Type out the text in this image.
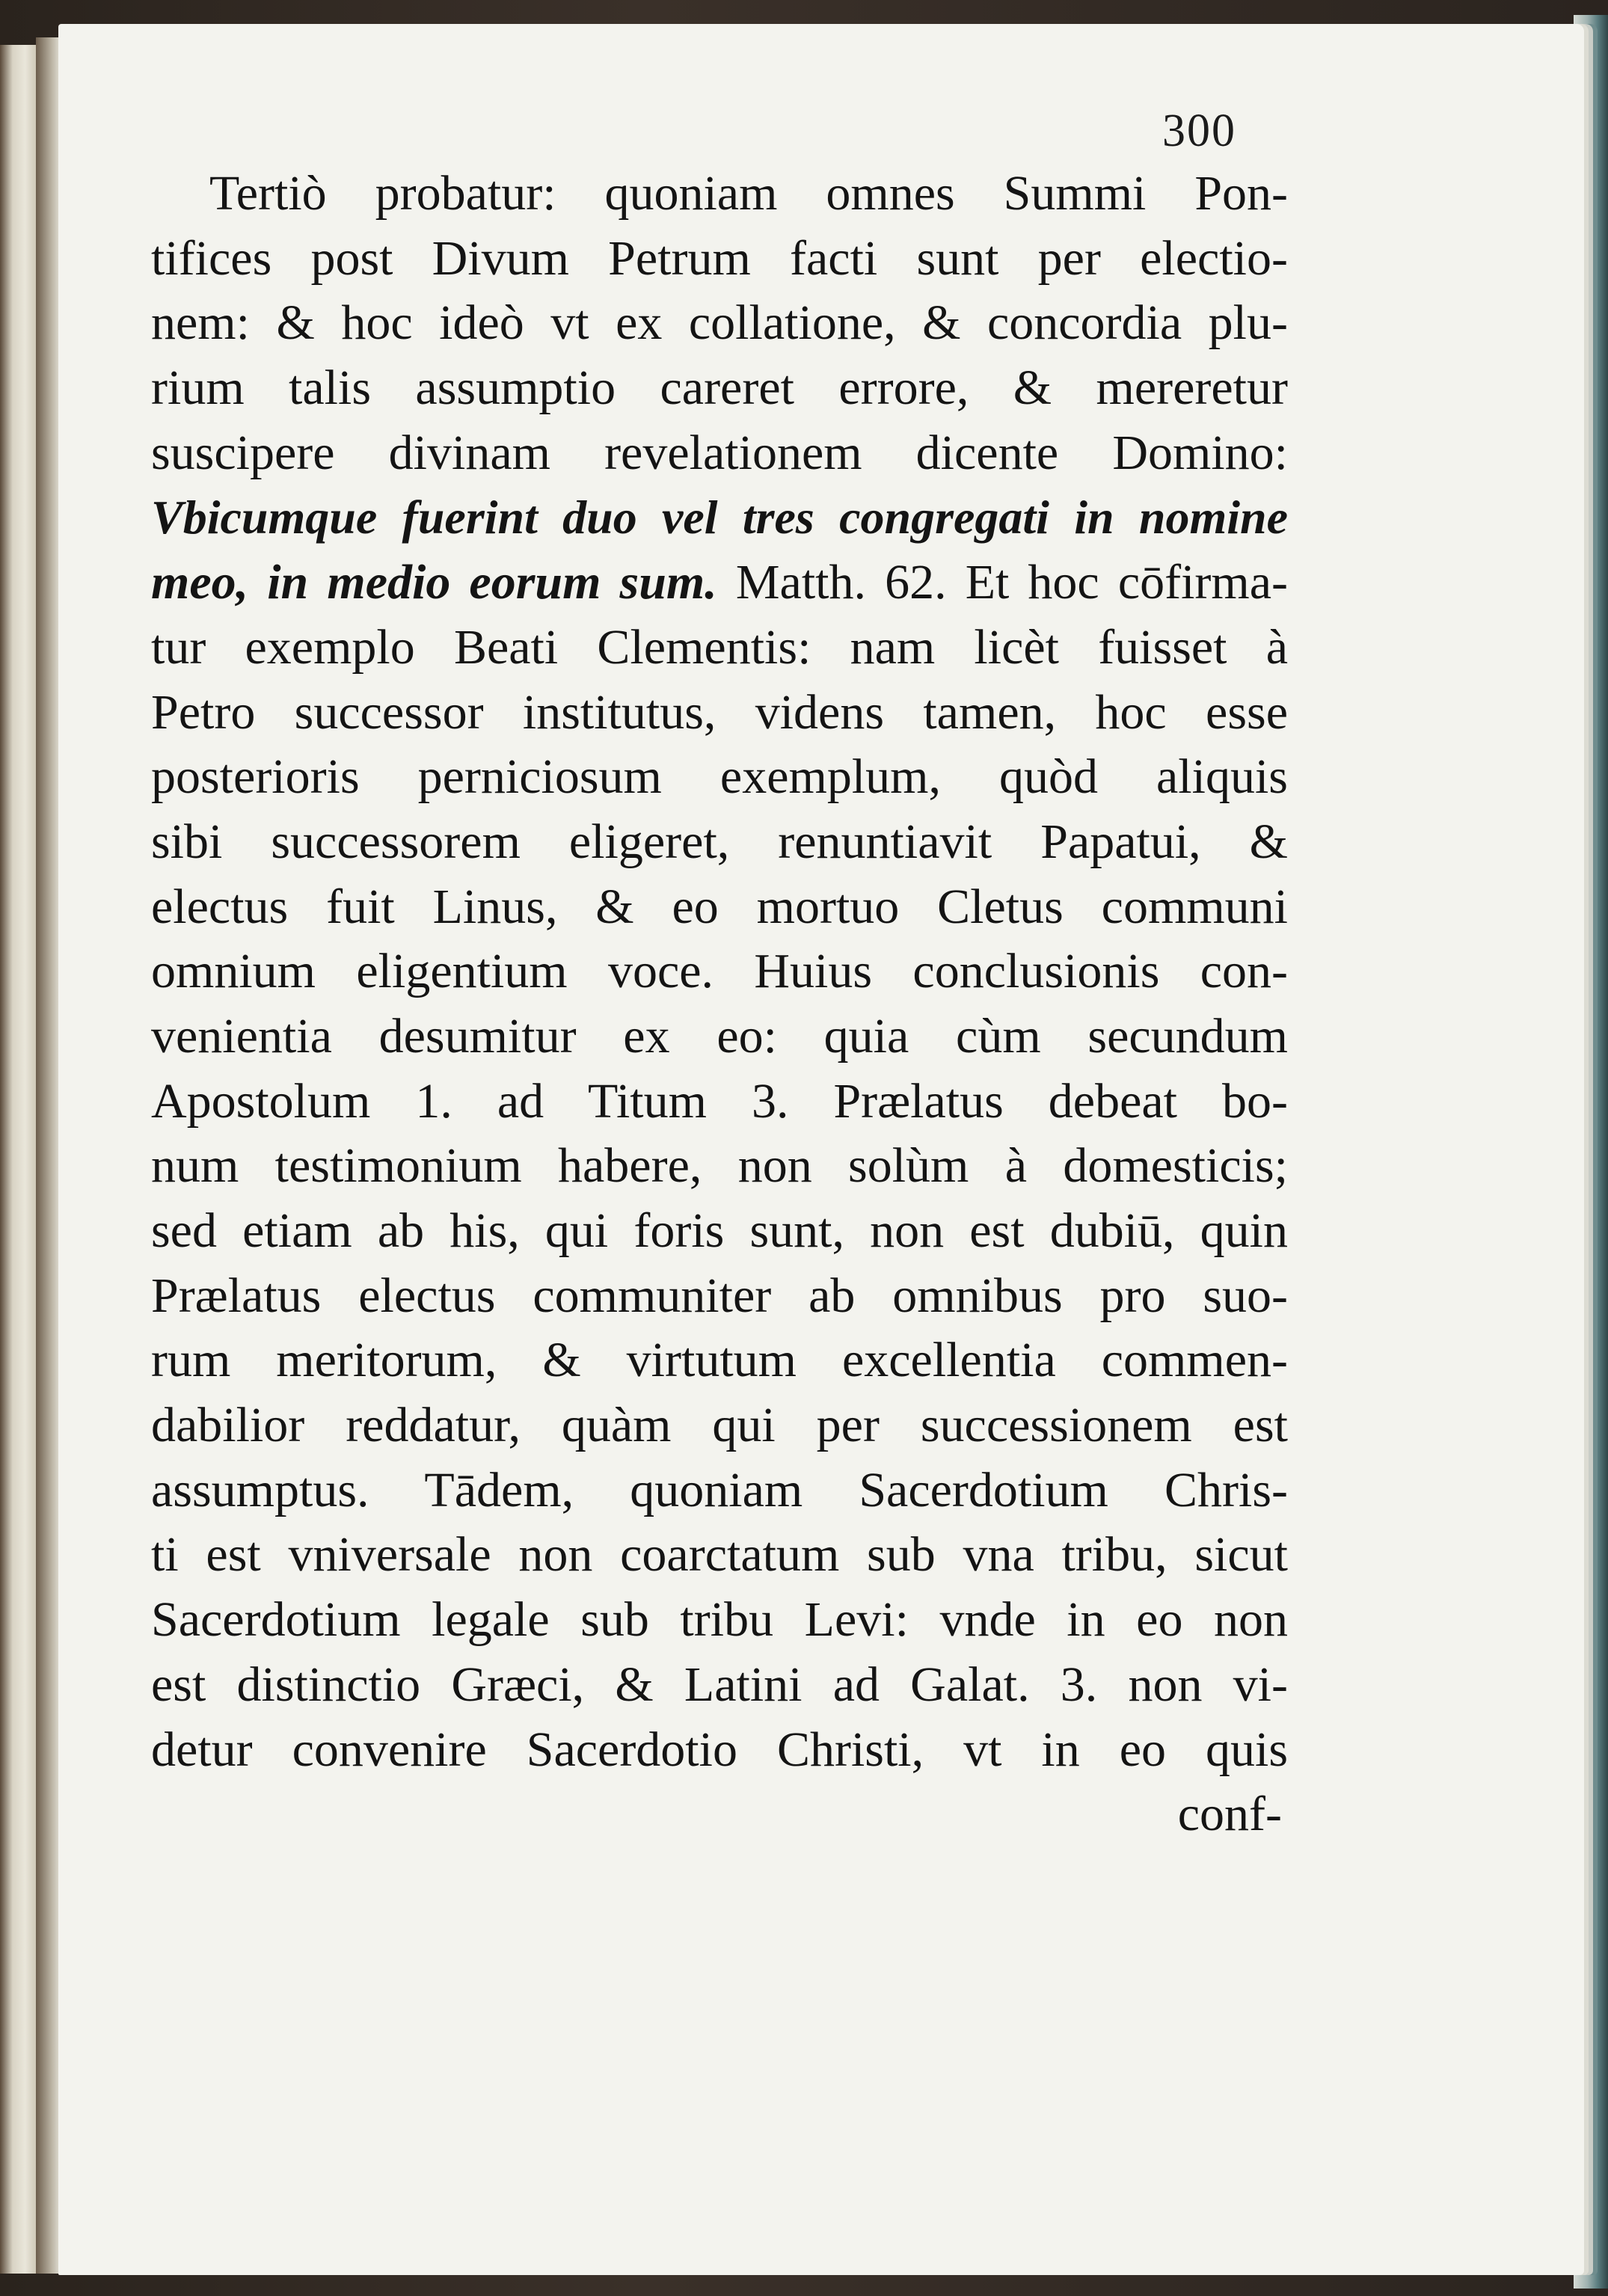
300
Tertiò probatur: quoniam omnes Summi Pon-
tifices post Divum Petrum facti sunt per electio-
nem: & hoc ideò vt ex collatione, & concordia plu-
rium talis assumptio careret errore, & mereretur
suscipere divinam revelationem dicente Domino:
Vbicumque fuerint duo vel tres congregati in nomine
meo, in medio eorum sum. Matth. 62. Et hoc cōfirma-
tur exemplo Beati Clementis: nam licèt fuisset à
Petro successor institutus, videns tamen, hoc esse
posterioris perniciosum exemplum, quòd aliquis
sibi successorem eligeret, renuntiavit Papatui, &
electus fuit Linus, & eo mortuo Cletus communi
omnium eligentium voce. Huius conclusionis con-
venientia desumitur ex eo: quia cùm secundum
Apostolum 1. ad Titum 3. Prælatus debeat bo-
num testimonium habere, non solùm à domesticis;
sed etiam ab his, qui foris sunt, non est dubiū, quin
Prælatus electus communiter ab omnibus pro suo-
rum meritorum, & virtutum excellentia commen-
dabilior reddatur, quàm qui per successionem est
assumptus. Tādem, quoniam Sacerdotium Chris-
ti est vniversale non coarctatum sub vna tribu, sicut
Sacerdotium legale sub tribu Levi: vnde in eo non
est distinctio Græci, & Latini ad Galat. 3. non vi-
detur convenire Sacerdotio Christi, vt in eo quis
conf-
